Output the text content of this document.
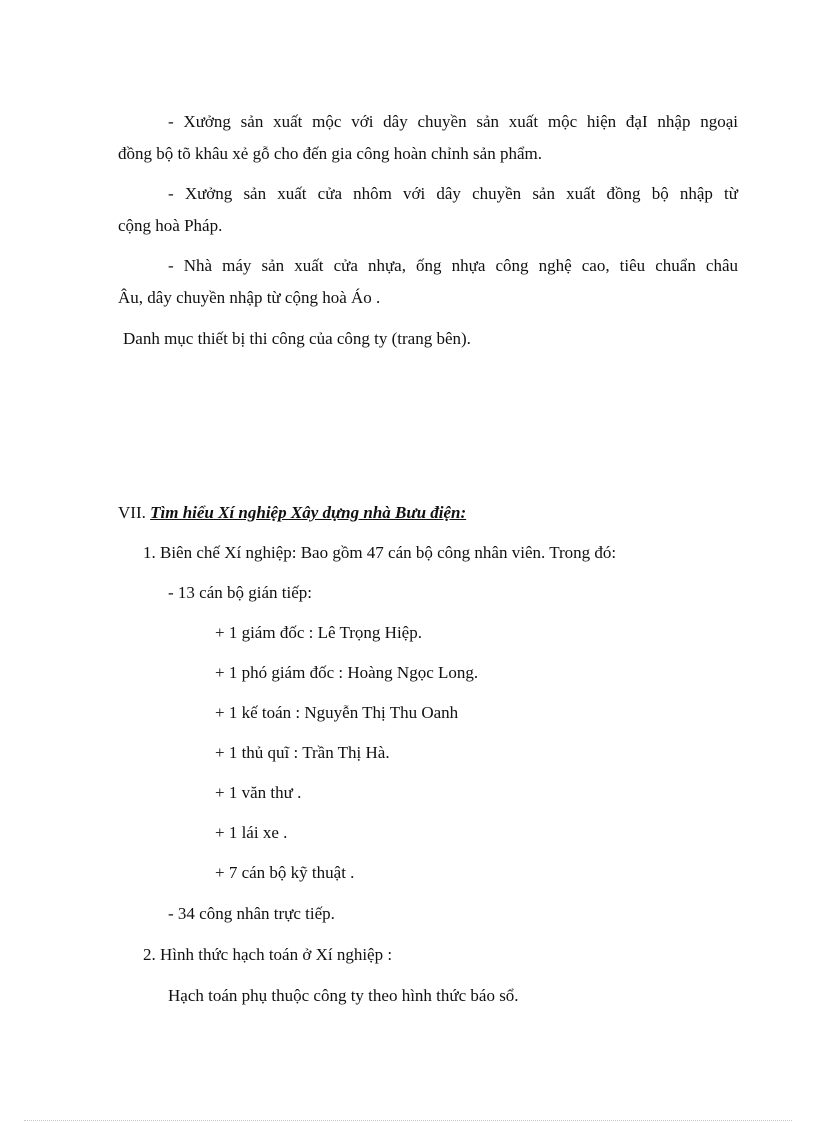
- Xưởng sản xuất mộc với dây chuyền sản xuất mộc hiện đạI nhập ngoại
đồng bộ tõ khâu xẻ gỗ cho đến gia công hoàn chỉnh sản phẩm.
- Xưởng sản xuất cửa nhôm với dây chuyền sản xuất đồng bộ nhập từ
cộng hoà Pháp.
- Nhà máy sản xuất cửa nhựa, ống nhựa công nghệ cao, tiêu chuẩn châu
Âu, dây chuyền nhập từ cộng hoà Áo .
Danh mục thiết bị thi công của công ty (trang bên).
VII. Tìm hiểu Xí nghiệp Xây dựng nhà Bưu điện:
1. Biên chế Xí nghiệp: Bao gồm 47 cán bộ công nhân viên. Trong đó:
- 13 cán bộ gián tiếp:
+ 1 giám đốc : Lê Trọng Hiệp.
+ 1 phó giám đốc : Hoàng Ngọc Long.
+ 1 kế toán : Nguyễn Thị Thu Oanh
+ 1 thủ quĩ : Trần Thị Hà.
+ 1 văn thư .
+ 1 lái xe .
+ 7 cán bộ kỹ thuật .
- 34 công nhân trực tiếp.
2. Hình thức hạch toán ở Xí nghiệp :
Hạch toán phụ thuộc công ty theo hình thức báo sổ.
